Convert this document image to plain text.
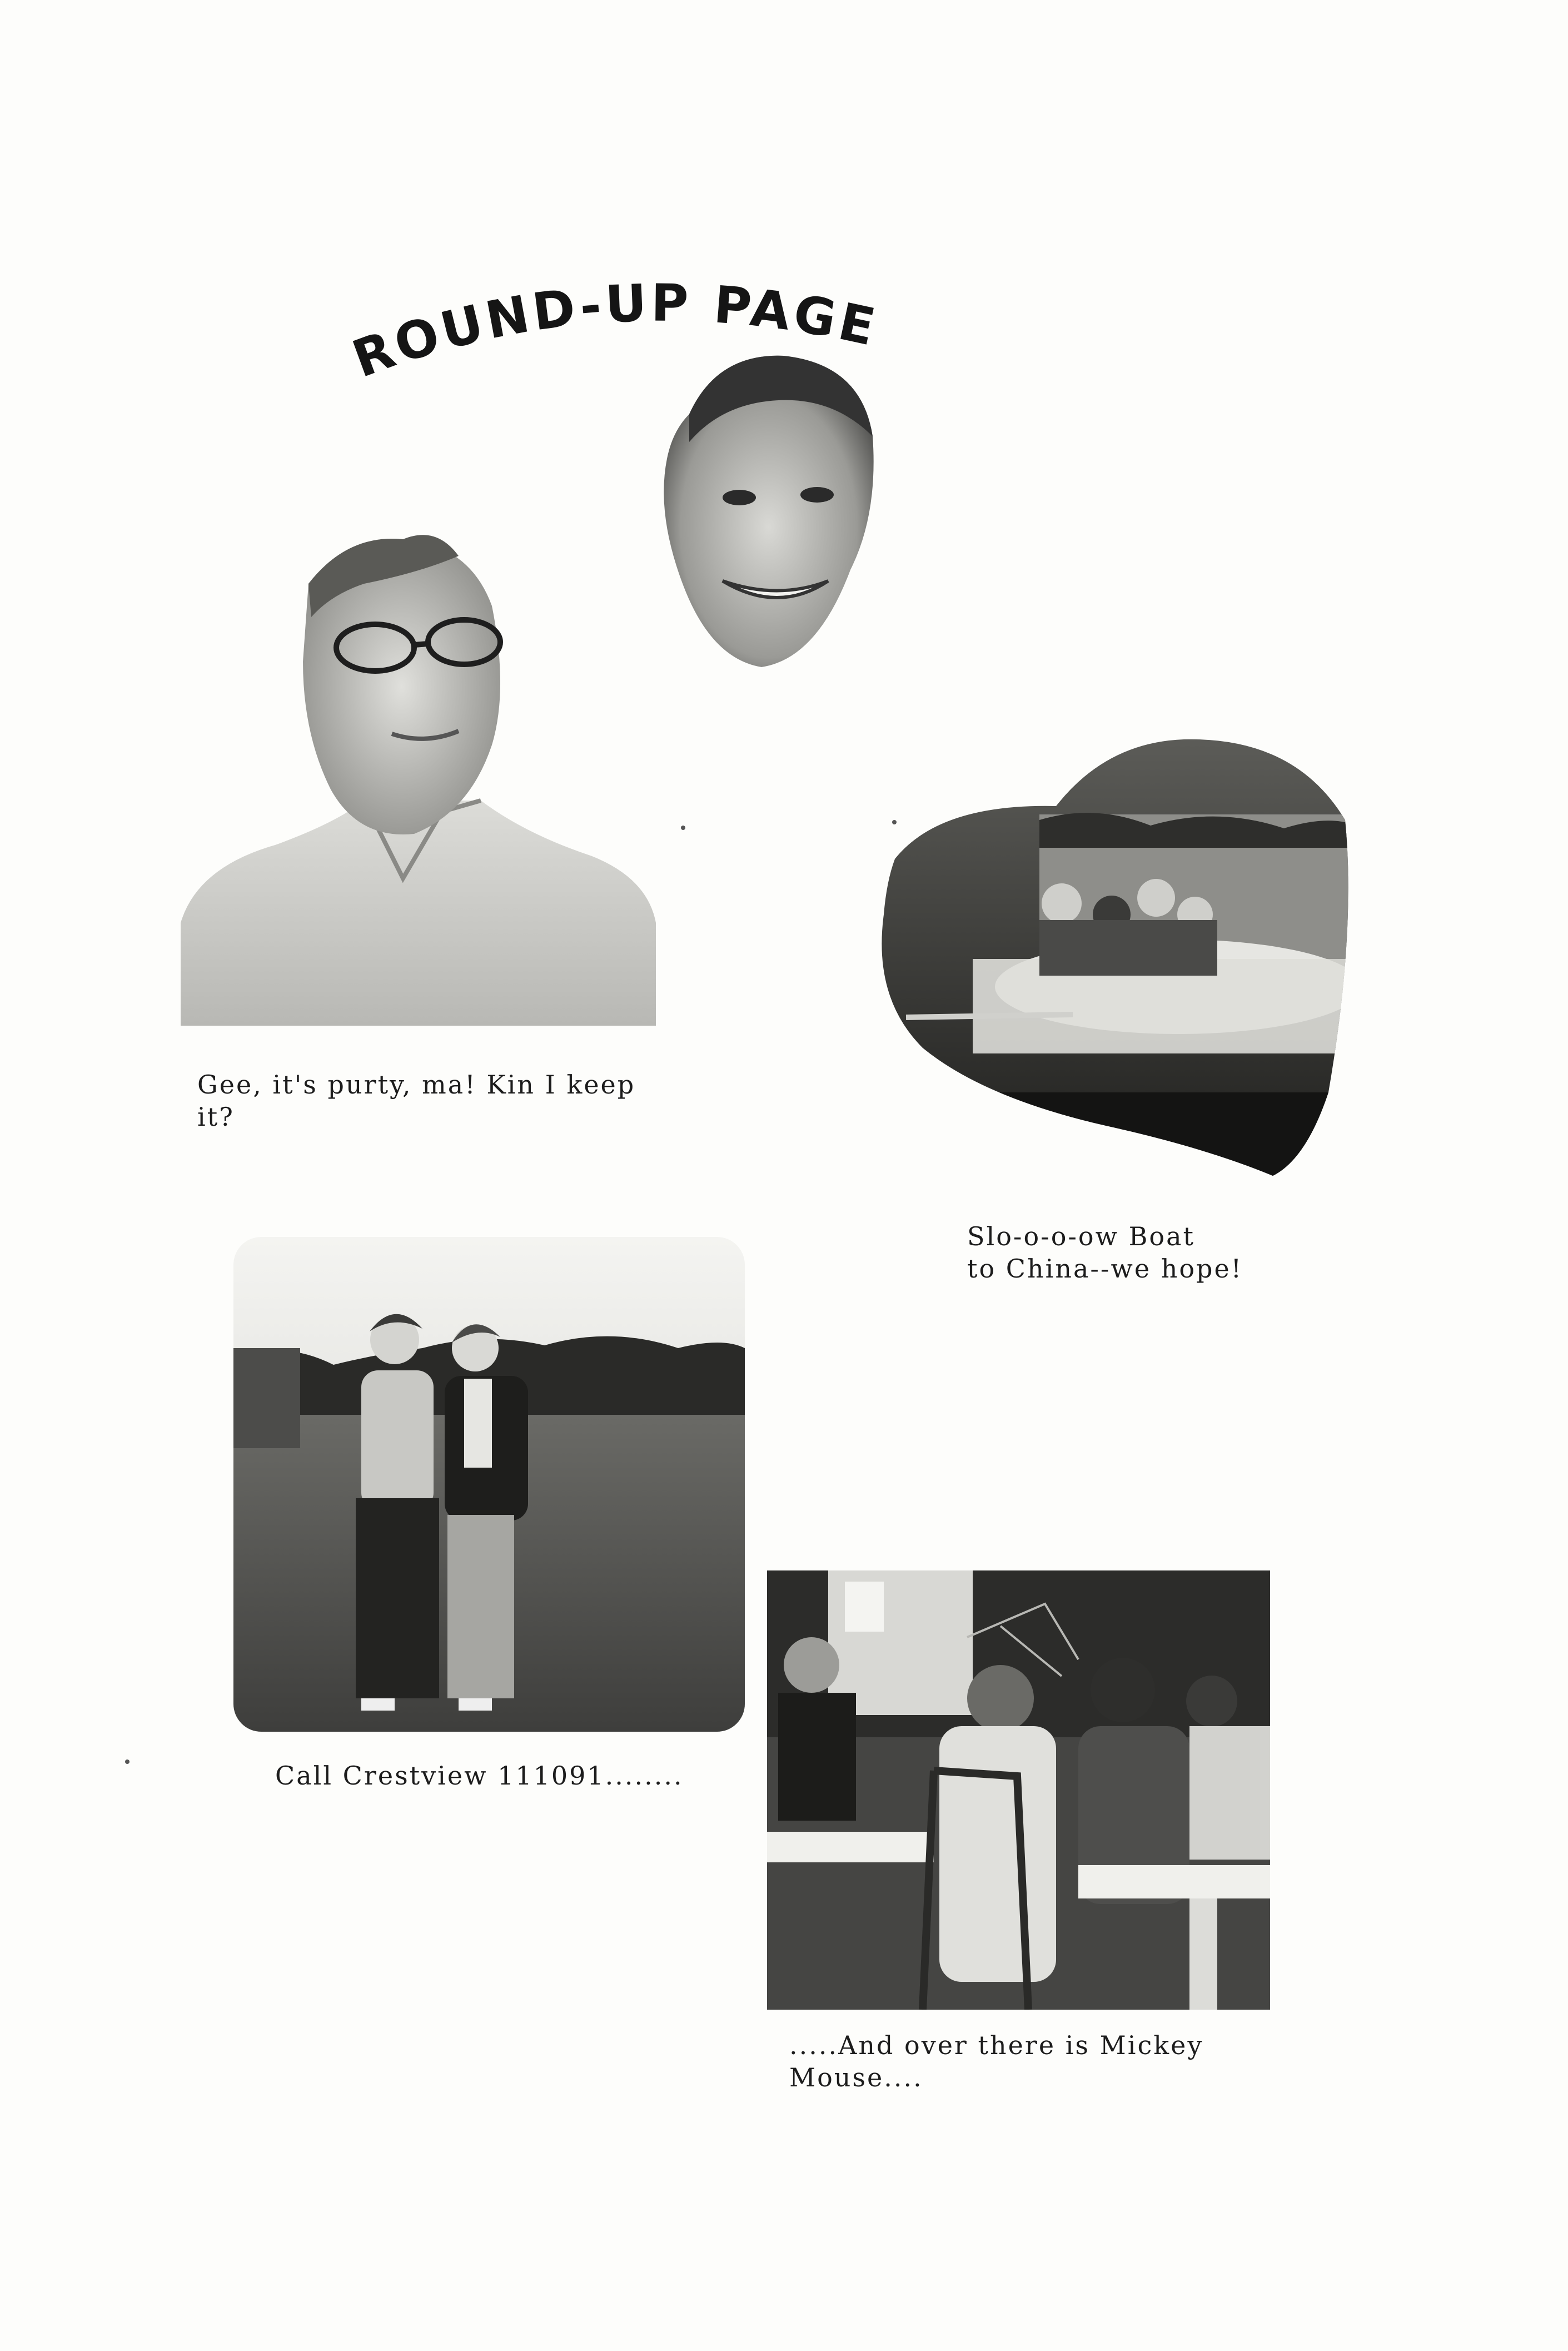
ROUND-UP PAGE

Gee, it's purty, ma! Kin I keep
it?

Slo-o-o-ow Boat
to China--we hope!

Call Crestview 111091........

.....And over there is Mickey
Mouse....
